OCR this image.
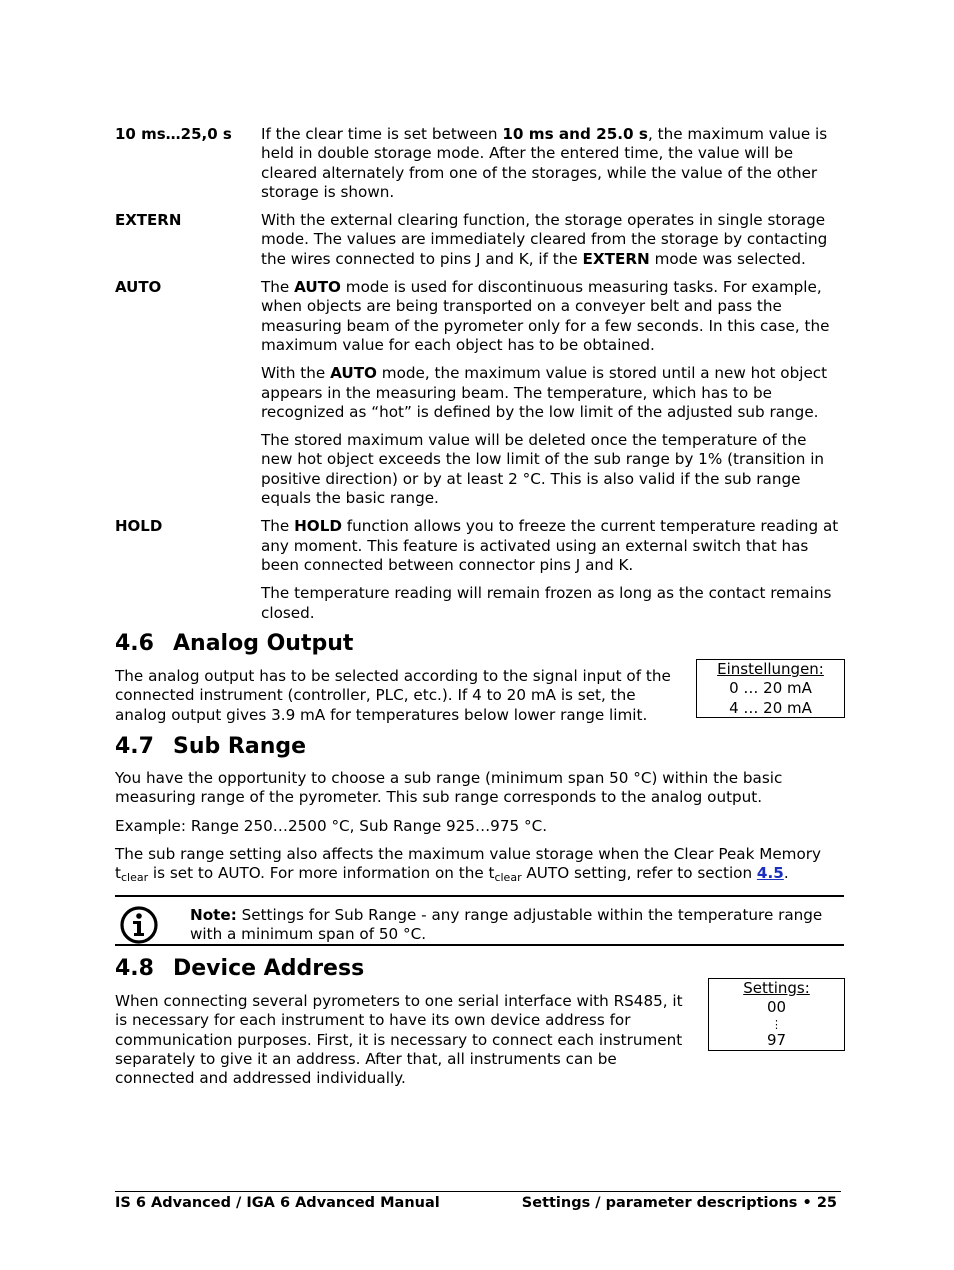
10 ms…25,0 s	If the clear time is set between 10 ms and 25.0 s, the maximum value is held in double storage mode. After the entered time, the value will be cleared alternately from one of the storages, while the value of the other storage is shown.

EXTERN	With the external clearing function, the storage operates in single storage mode. The values are immediately cleared from the storage by contacting the wires connected to pins J and K, if the EXTERN mode was selected.

AUTO	The AUTO mode is used for discontinuous measuring tasks. For example, when objects are being transported on a conveyer belt and pass the measuring beam of the pyrometer only for a few seconds. In this case, the maximum value for each object has to be obtained.

With the AUTO mode, the maximum value is stored until a new hot object appears in the measuring beam. The temperature, which has to be recognized as “hot” is defined by the low limit of the adjusted sub range.

The stored maximum value will be deleted once the temperature of the new hot object exceeds the low limit of the sub range by 1% (transition in positive direction) or by at least 2 °C. This is also valid if the sub range equals the basic range.

HOLD	The HOLD function allows you to freeze the current temperature reading at any moment. This feature is activated using an external switch that has been connected between connector pins J and K.

The temperature reading will remain frozen as long as the contact remains closed.

4.6 Analog Output

The analog output has to be selected according to the signal input of the connected instrument (controller, PLC, etc.). If 4 to 20 mA is set, the analog output gives 3.9 mA for temperatures below lower range limit.

Einstellungen:
0 … 20 mA
4 … 20 mA
4.7 Sub Range

You have the opportunity to choose a sub range (minimum span 50 °C) within the basic measuring range of the pyrometer. This sub range corresponds to the analog output.

Example: Range 250…2500 °C, Sub Range 925…975 °C.

The sub range setting also affects the maximum value storage when the Clear Peak Memory $t_{clear}$ is set to AUTO. For more information on the $t_{clear}$ AUTO setting, refer to section 4.5.

Note: Settings for Sub Range - any range adjustable within the temperature range with a minimum span of 50 °C.

4.8 Device Address

When connecting several pyrometers to one serial interface with RS485, it is necessary for each instrument to have its own device address for communication purposes. First, it is necessary to connect each instrument separately to give it an address. After that, all instruments can be connected and addressed individually.

Settings:
00
⋮
97
IS 6 Advanced / IGA 6 Advanced Manual	Settings / parameter descriptions • 25
